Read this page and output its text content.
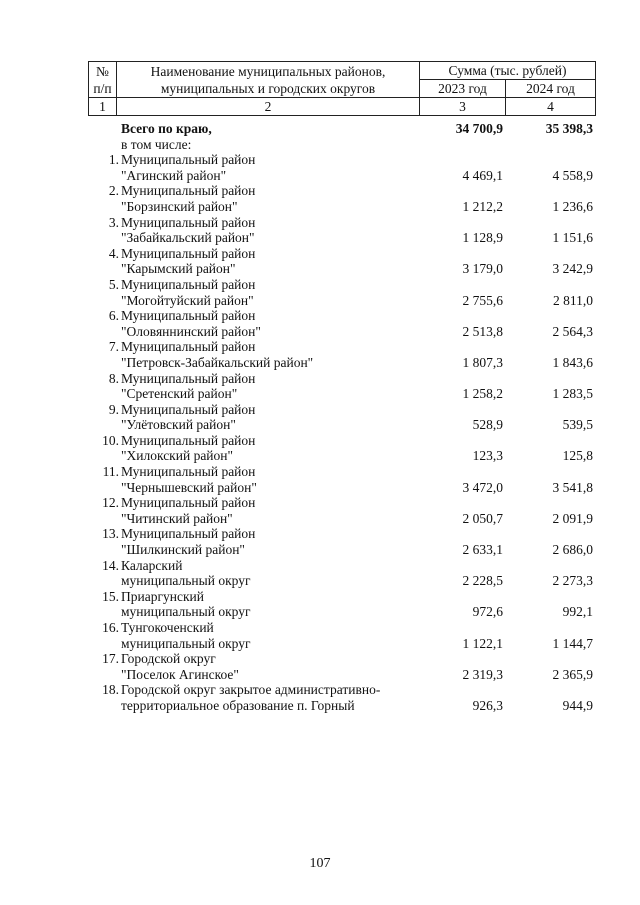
№ п/п	Наименование муниципальных районов, муниципальных и городских округов	Сумма (тыс. рублей)	
		2023 год	2024 год
1	2	3	4
Всего по краю,	34 700,9	35 398,3
в том числе:
1. Муниципальный район
"Агинский район"	4 469,1	4 558,9
2. Муниципальный район
"Борзинский район"	1 212,2	1 236,6
3. Муниципальный район
"Забайкальский район"	1 128,9	1 151,6
4. Муниципальный район
"Карымский район"	3 179,0	3 242,9
5. Муниципальный район
"Могойтуйский район"	2 755,6	2 811,0
6. Муниципальный район
"Оловяннинский район"	2 513,8	2 564,3
7. Муниципальный район
"Петровск-Забайкальский район"	1 807,3	1 843,6
8. Муниципальный район
"Сретенский район"	1 258,2	1 283,5
9. Муниципальный район
"Улётовский район"	528,9	539,5
10. Муниципальный район
"Хилокский район"	123,3	125,8
11. Муниципальный район
"Чернышевский район"	3 472,0	3 541,8
12. Муниципальный район
"Читинский район"	2 050,7	2 091,9
13. Муниципальный район
"Шилкинский район"	2 633,1	2 686,0
14. Каларский
муниципальный округ	2 228,5	2 273,3
15. Приаргунский
муниципальный округ	972,6	992,1
16. Тунгокоченский
муниципальный округ	1 122,1	1 144,7
17. Городской округ
"Поселок Агинское"	2 319,3	2 365,9
18. Городской округ закрытое административно-
территориальное образование п. Горный	926,3	944,9
107
